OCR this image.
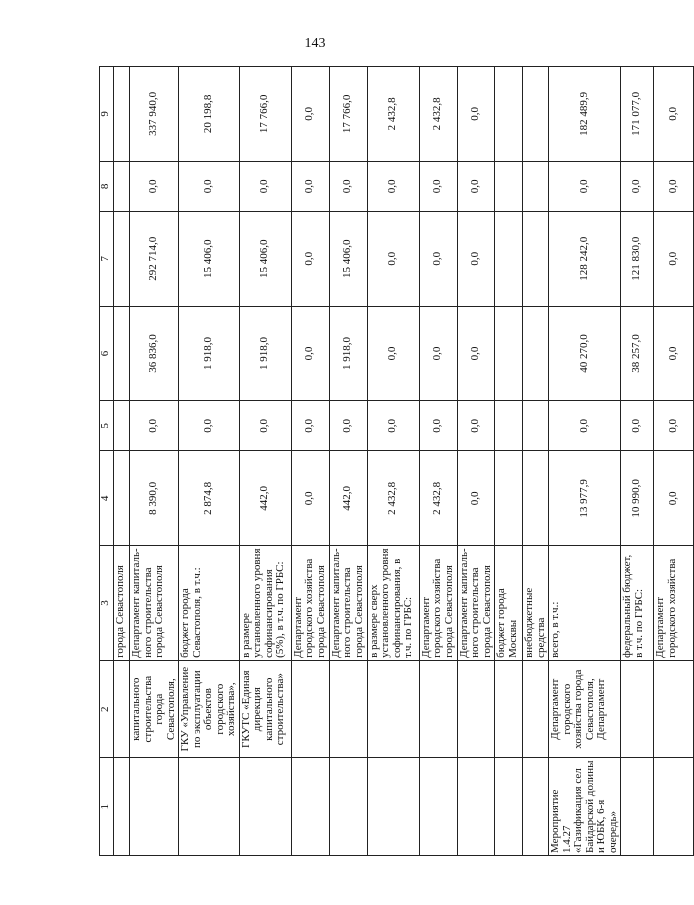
143
1	2	3	4	5	6	7	8	9
		города Севастополя						
	капитального строительства города Севастополя,	Департамент капиталь-ного строительства города Севастополя	8 390,0	0,0	36 836,0	292 714,0	0,0	337 940,0
	ГКУ «Управление по эксплуатации объектов городского хозяйства»,	бюджет города Севастополя, в т.ч.:	2 874,8	0,0	1 918,0	15 406,0	0,0	20 198,8
	ГКУТС «Единая дирекция капитального строительства»	в размере установленного уровня софинансирования (5%), в т.ч. по ГРБС:	442,0	0,0	1 918,0	15 406,0	0,0	17 766,0
		Департамент городского хозяйства города Севастополя	0,0	0,0	0,0	0,0	0,0	0,0
		Департамент капиталь-ного строительства города Севастополя	442,0	0,0	1 918,0	15 406,0	0,0	17 766,0
		в размере сверх установленного уровня софинансирования, в т.ч. по ГРБС:	2 432,8	0,0	0,0	0,0	0,0	2 432,8
		Департамент городского хозяйства города Севастополя	2 432,8	0,0	0,0	0,0	0,0	2 432,8
		Департамент капиталь-ного строительства города Севастополя	0,0	0,0	0,0	0,0	0,0	0,0
		бюджет города Москвы						
		внебюджетные средства						
Мероприятие 1.4.27 «Газификация сел Байдарской долины и ЮБК, 6-я очередь»	Департамент городского хозяйства города Севастополя, Департамент	всего, в т.ч.:	13 977,9	0,0	40 270,0	128 242,0	0,0	182 489,9
		федеральный бюджет, в т.ч. по ГРБС:	10 990,0	0,0	38 257,0	121 830,0	0,0	171 077,0
		Департамент городского хозяйства	0,0	0,0	0,0	0,0	0,0	0,0
